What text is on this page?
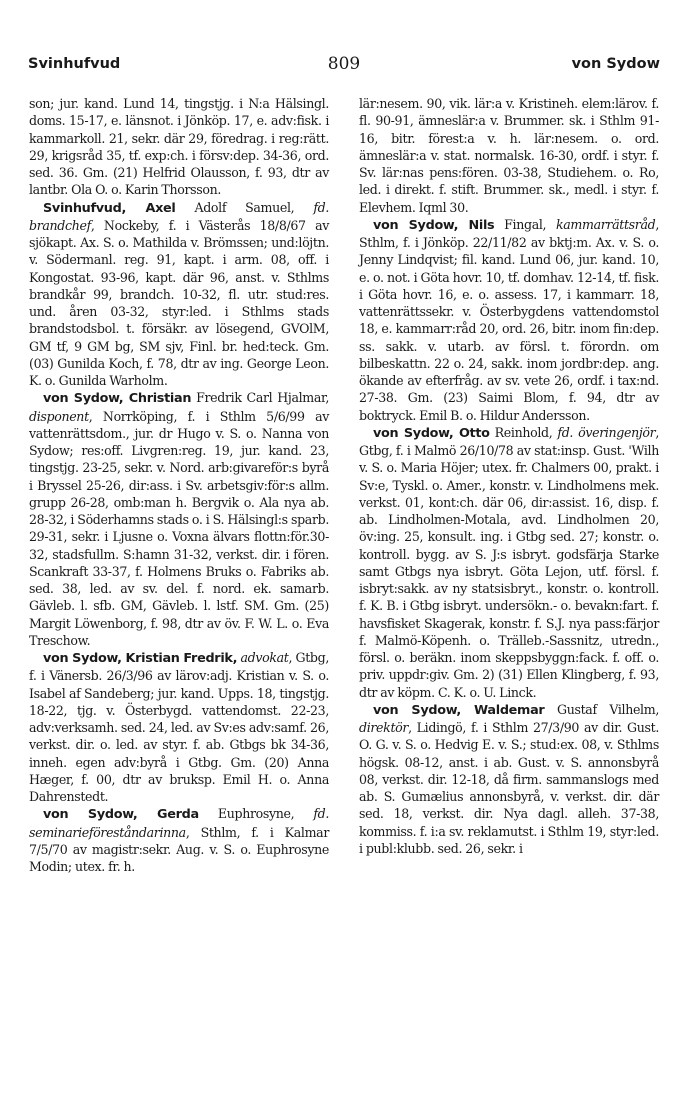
Svinhufvud	809	von Sydow

son; jur. kand. Lund 14, tingstjg. i N:a Hälsingl. doms. 15-17, e. länsnot. i Jönköp. 17, e. adv:fisk. i kammarkoll. 21, sekr. där 29, föredrag. i reg:rätt. 29, krigsråd 35, tf. exp:ch. i försv:dep. 34-36, ord. sed. 36. Gm. (21) Helfrid Olausson, f. 93, dtr av lantbr. Ola O. o. Karin Thorsson.

Svinhufvud, Axel Adolf Samuel, fd. brandchef, Nockeby, f. i Västerås 18/8/67 av sjökapt. Ax. S. o. Mathilda v. Brömssen; und:löjtn. v. Södermanl. reg. 91, kapt. i arm. 08, off. i Kongostat. 93-96, kapt. där 96, anst. v. Sthlms brandkår 99, brandch. 10-32, fl. utr. stud:res. und. åren 03-32, styr:led. i Sthlms stads brandstodsbol. t. försäkr. av lösegend, GVOlM, GM tf, 9 GM bg, SM sjv, Finl. br. hed:teck. Gm. (03) Gunilda Koch, f. 78, dtr av ing. George Leon. K. o. Gunilda Warholm.

von Sydow, Christian Fredrik Carl Hjalmar, disponent, Norrköping, f. i Sthlm 5/6/99 av vattenrättsdom., jur. dr Hugo v. S. o. Nanna von Sydow; res:off. Livgren:reg. 19, jur. kand. 23, tingstjg. 23-25, sekr. v. Nord. arb:givareför:s byrå i Bryssel 25-26, dir:ass. i Sv. arbetsgiv:för:s allm. grupp 26-28, omb:man h. Bergvik o. Ala nya ab. 28-32, i Söderhamns stads o. i S. Hälsingl:s sparb. 29-31, sekr. i Ljusne o. Voxna älvars flottn:för.30-32, stadsfullm. S:hamn 31-32, verkst. dir. i fören. Scankraft 33-37, f. Holmens Bruks o. Fabriks ab. sed. 38, led. av sv. del. f. nord. ek. samarb. Gävleb. l. sfb. GM, Gävleb. l. lstf. SM. Gm. (25) Margit Löwenborg, f. 98, dtr av öv. F. W. L. o. Eva Treschow.

von Sydow, Kristian Fredrik, advokat, Gtbg, f. i Vänersb. 26/3/96 av lärov:adj. Kristian v. S. o. Isabel af Sandeberg; jur. kand. Upps. 18, tingstjg. 18-22, tjg. v. Österbygd. vattendomst. 22-23, adv:verksamh. sed. 24, led. av Sv:es adv:samf. 26, verkst. dir. o. led. av styr. f. ab. Gtbgs bk 34-36, inneh. egen adv:byrå i Gtbg. Gm. (20) Anna Hæger, f. 00, dtr av bruksp. Emil H. o. Anna Dahrenstedt.

von Sydow, Gerda Euphrosyne, fd. seminarieföreståndarinna, Sthlm, f. i Kalmar 7/5/70 av magistr:sekr. Aug. v. S. o. Euphrosyne Modin; utex. fr. h.

lär:nesem. 90, vik. lär:a v. Kristineh. elem:lärov. f. fl. 90-91, ämneslär:a v. Brummer. sk. i Sthlm 91-16, bitr. förest:a v. h. lär:nesem. o. ord. ämneslär:a v. stat. normalsk. 16-30, ordf. i styr. f. Sv. lär:nas pens:fören. 03-38, Studiehem. o. Ro, led. i direkt. f. stift. Brummer. sk., medl. i styr. f. Elevhem. Iqml 30.

von Sydow, Nils Fingal, kammarrättsråd, Sthlm, f. i Jönköp. 22/11/82 av bktj:m. Ax. v. S. o. Jenny Lindqvist; fil. kand. Lund 06, jur. kand. 10, e. o. not. i Göta hovr. 10, tf. domhav. 12-14, tf. fisk. i Göta hovr. 16, e. o. assess. 17, i kammarr. 18, vattenrättssekr. v. Österbygdens vattendomstol 18, e. kammarr:råd 20, ord. 26, bitr. inom fin:dep. ss. sakk. v. utarb. av försl. t. förordn. om bilbeskattn. 22 o. 24, sakk. inom jordbr:dep. ang. ökande av efterfråg. av sv. vete 26, ordf. i tax:nd. 27-38. Gm. (23) Saimi Blom, f. 94, dtr av boktryck. Emil B. o. Hildur Andersson.

von Sydow, Otto Reinhold, fd. överingenjör, Gtbg, f. i Malmö 26/10/78 av stat:insp. Gust. 'Wilh v. S. o. Maria Höjer; utex. fr. Chalmers 00, prakt. i Sv:e, Tyskl. o. Amer., konstr. v. Lindholmens mek. verkst. 01, kont:ch. där 06, dir:assist. 16, disp. f. ab. Lindholmen-Motala, avd. Lindholmen 20, öv:ing. 25, konsult. ing. i Gtbg sed. 27; konstr. o. kontroll. bygg. av S. J:s isbryt. godsfärja Starke samt Gtbgs nya isbryt. Göta Lejon, utf. försl. f. isbryt:sakk. av ny statsisbryt., konstr. o. kontroll. f. K. B. i Gtbg isbryt. undersökn.- o. bevakn:fart. f. havsfisket Skagerak, konstr. f. S.J. nya pass:färjor f. Malmö-Köpenh. o. Trälleb.-Sassnitz, utredn., försl. o. beräkn. inom skeppsbyggn:fack. f. off. o. priv. uppdr:giv. Gm. 2) (31) Ellen Klingberg, f. 93, dtr av köpm. C. K. o. U. Linck.

von Sydow, Waldemar Gustaf Vilhelm, direktör, Lidingö, f. i Sthlm 27/3/90 av dir. Gust. O. G. v. S. o. Hedvig E. v. S.; stud:ex. 08, v. Sthlms högsk. 08-12, anst. i ab. Gust. v. S. annonsbyrå 08, verkst. dir. 12-18, då firm. sammanslogs med ab. S. Gumælius annonsbyrå, v. verkst. dir. där sed. 18, verkst. dir. Nya dagl. alleh. 37-38, kommiss. f. i:a sv. reklamutst. i Sthlm 19, styr:led. i publ:klubb. sed. 26, sekr. i
